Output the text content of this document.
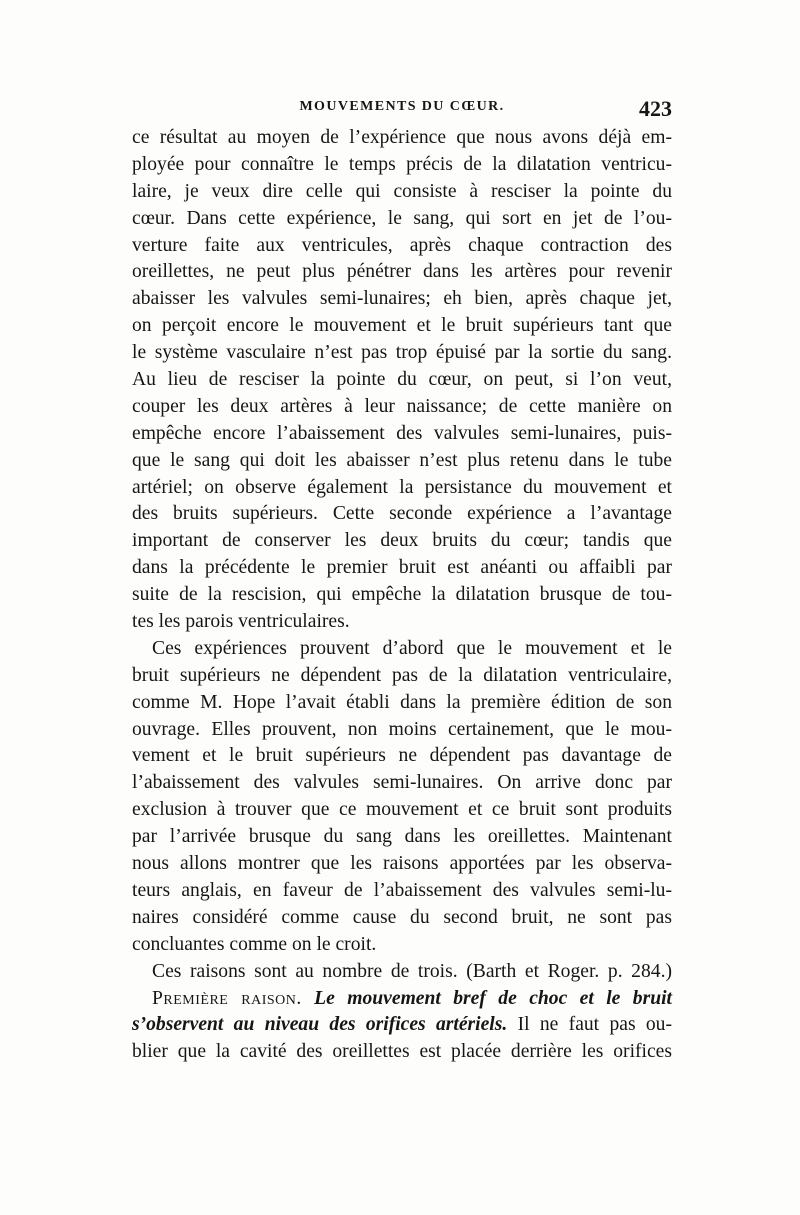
MOUVEMENTS DU CŒUR.	423
ce résultat au moyen de l’expérience que nous avons déjà em-
ployée pour connaître le temps précis de la dilatation ventricu-
laire, je veux dire celle qui consiste à resciser la pointe du
cœur. Dans cette expérience, le sang, qui sort en jet de l’ou-
verture faite aux ventricules, après chaque contraction des
oreillettes, ne peut plus pénétrer dans les artères pour revenir
abaisser les valvules semi-lunaires; eh bien, après chaque jet,
on perçoit encore le mouvement et le bruit supérieurs tant que
le système vasculaire n’est pas trop épuisé par la sortie du sang.
Au lieu de resciser la pointe du cœur, on peut, si l’on veut,
couper les deux artères à leur naissance; de cette manière on
empêche encore l’abaissement des valvules semi-lunaires, puis-
que le sang qui doit les abaisser n’est plus retenu dans le tube
artériel; on observe également la persistance du mouvement et
des bruits supérieurs. Cette seconde expérience a l’avantage
important de conserver les deux bruits du cœur; tandis que
dans la précédente le premier bruit est anéanti ou affaibli par
suite de la rescision, qui empêche la dilatation brusque de tou-
tes les parois ventriculaires.
Ces expériences prouvent d’abord que le mouvement et le
bruit supérieurs ne dépendent pas de la dilatation ventriculaire,
comme M. Hope l’avait établi dans la première édition de son
ouvrage. Elles prouvent, non moins certainement, que le mou-
vement et le bruit supérieurs ne dépendent pas davantage de
l’abaissement des valvules semi-lunaires. On arrive donc par
exclusion à trouver que ce mouvement et ce bruit sont produits
par l’arrivée brusque du sang dans les oreillettes. Maintenant
nous allons montrer que les raisons apportées par les observa-
teurs anglais, en faveur de l’abaissement des valvules semi-lu-
naires considéré comme cause du second bruit, ne sont pas
concluantes comme on le croit.
Ces raisons sont au nombre de trois. (Barth et Roger. p. 284.)
Première raison. Le mouvement bref de choc et le bruit
s’observent au niveau des orifices artériels. Il ne faut pas ou-
blier que la cavité des oreillettes est placée derrière les orifices
